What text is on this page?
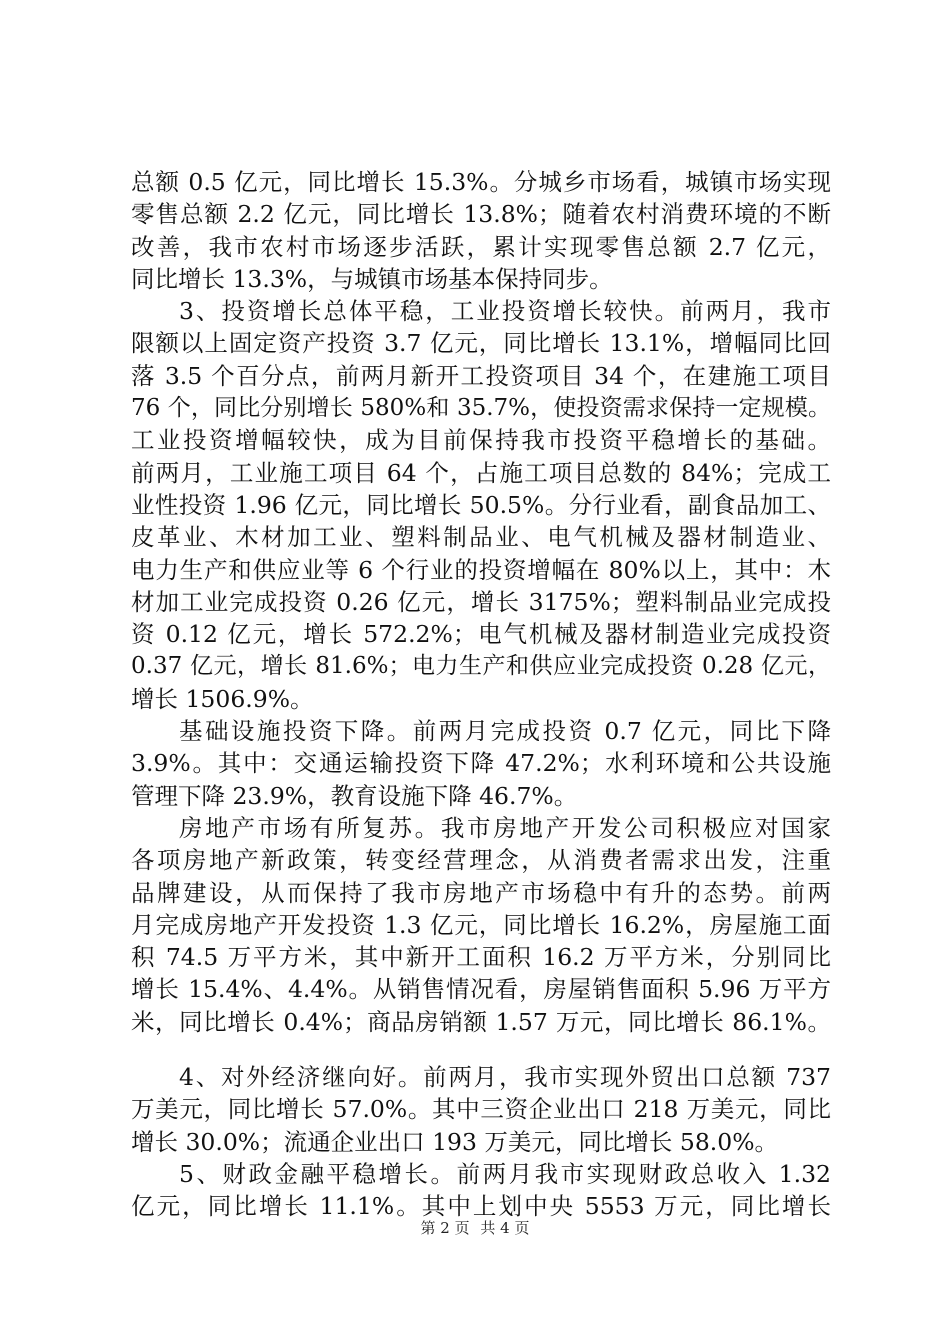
总额 0.5 亿元，同比增长 15.3%。分城乡市场看，城镇市场实现
零售总额 2.2 亿元，同比增长 13.8%；随着农村消费环境的不断
改善，我市农村市场逐步活跃，累计实现零售总额 2.7 亿元，
同比增长 13.3%，与城镇市场基本保持同步。
3、投资增长总体平稳，工业投资增长较快。前两月，我市
限额以上固定资产投资 3.7 亿元，同比增长 13.1%，增幅同比回
落 3.5 个百分点，前两月新开工投资项目 34 个，在建施工项目
76 个，同比分别增长 580%和 35.7%，使投资需求保持一定规模。
工业投资增幅较快，成为目前保持我市投资平稳增长的基础。
前两月，工业施工项目 64 个，占施工项目总数的 84%；完成工
业性投资 1.96 亿元，同比增长 50.5%。分行业看，副食品加工、
皮革业、木材加工业、塑料制品业、电气机械及器材制造业、
电力生产和供应业等 6 个行业的投资增幅在 80%以上，其中：木
材加工业完成投资 0.26 亿元，增长 3175%；塑料制品业完成投
资 0.12 亿元，增长 572.2%；电气机械及器材制造业完成投资
0.37 亿元，增长 81.6%；电力生产和供应业完成投资 0.28 亿元，
增长 1506.9%。
基础设施投资下降。前两月完成投资 0.7 亿元，同比下降
3.9%。其中：交通运输投资下降 47.2%；水利环境和公共设施
管理下降 23.9%，教育设施下降 46.7%。
房地产市场有所复苏。我市房地产开发公司积极应对国家
各项房地产新政策，转变经营理念，从消费者需求出发，注重
品牌建设，从而保持了我市房地产市场稳中有升的态势。前两
月完成房地产开发投资 1.3 亿元，同比增长 16.2%，房屋施工面
积 74.5 万平方米，其中新开工面积 16.2 万平方米，分别同比
增长 15.4%、4.4%。从销售情况看，房屋销售面积 5.96 万平方
米，同比增长 0.4%；商品房销额 1.57 万元，同比增长 86.1%。
4、对外经济继向好。前两月，我市实现外贸出口总额 737
万美元，同比增长 57.0%。其中三资企业出口 218 万美元，同比
增长 30.0%；流通企业出口 193 万美元，同比增长 58.0%。
5、财政金融平稳增长。前两月我市实现财政总收入 1.32
亿元，同比增长 11.1%。其中上划中央 5553 万元，同比增长
第 2 页 共 4 页
